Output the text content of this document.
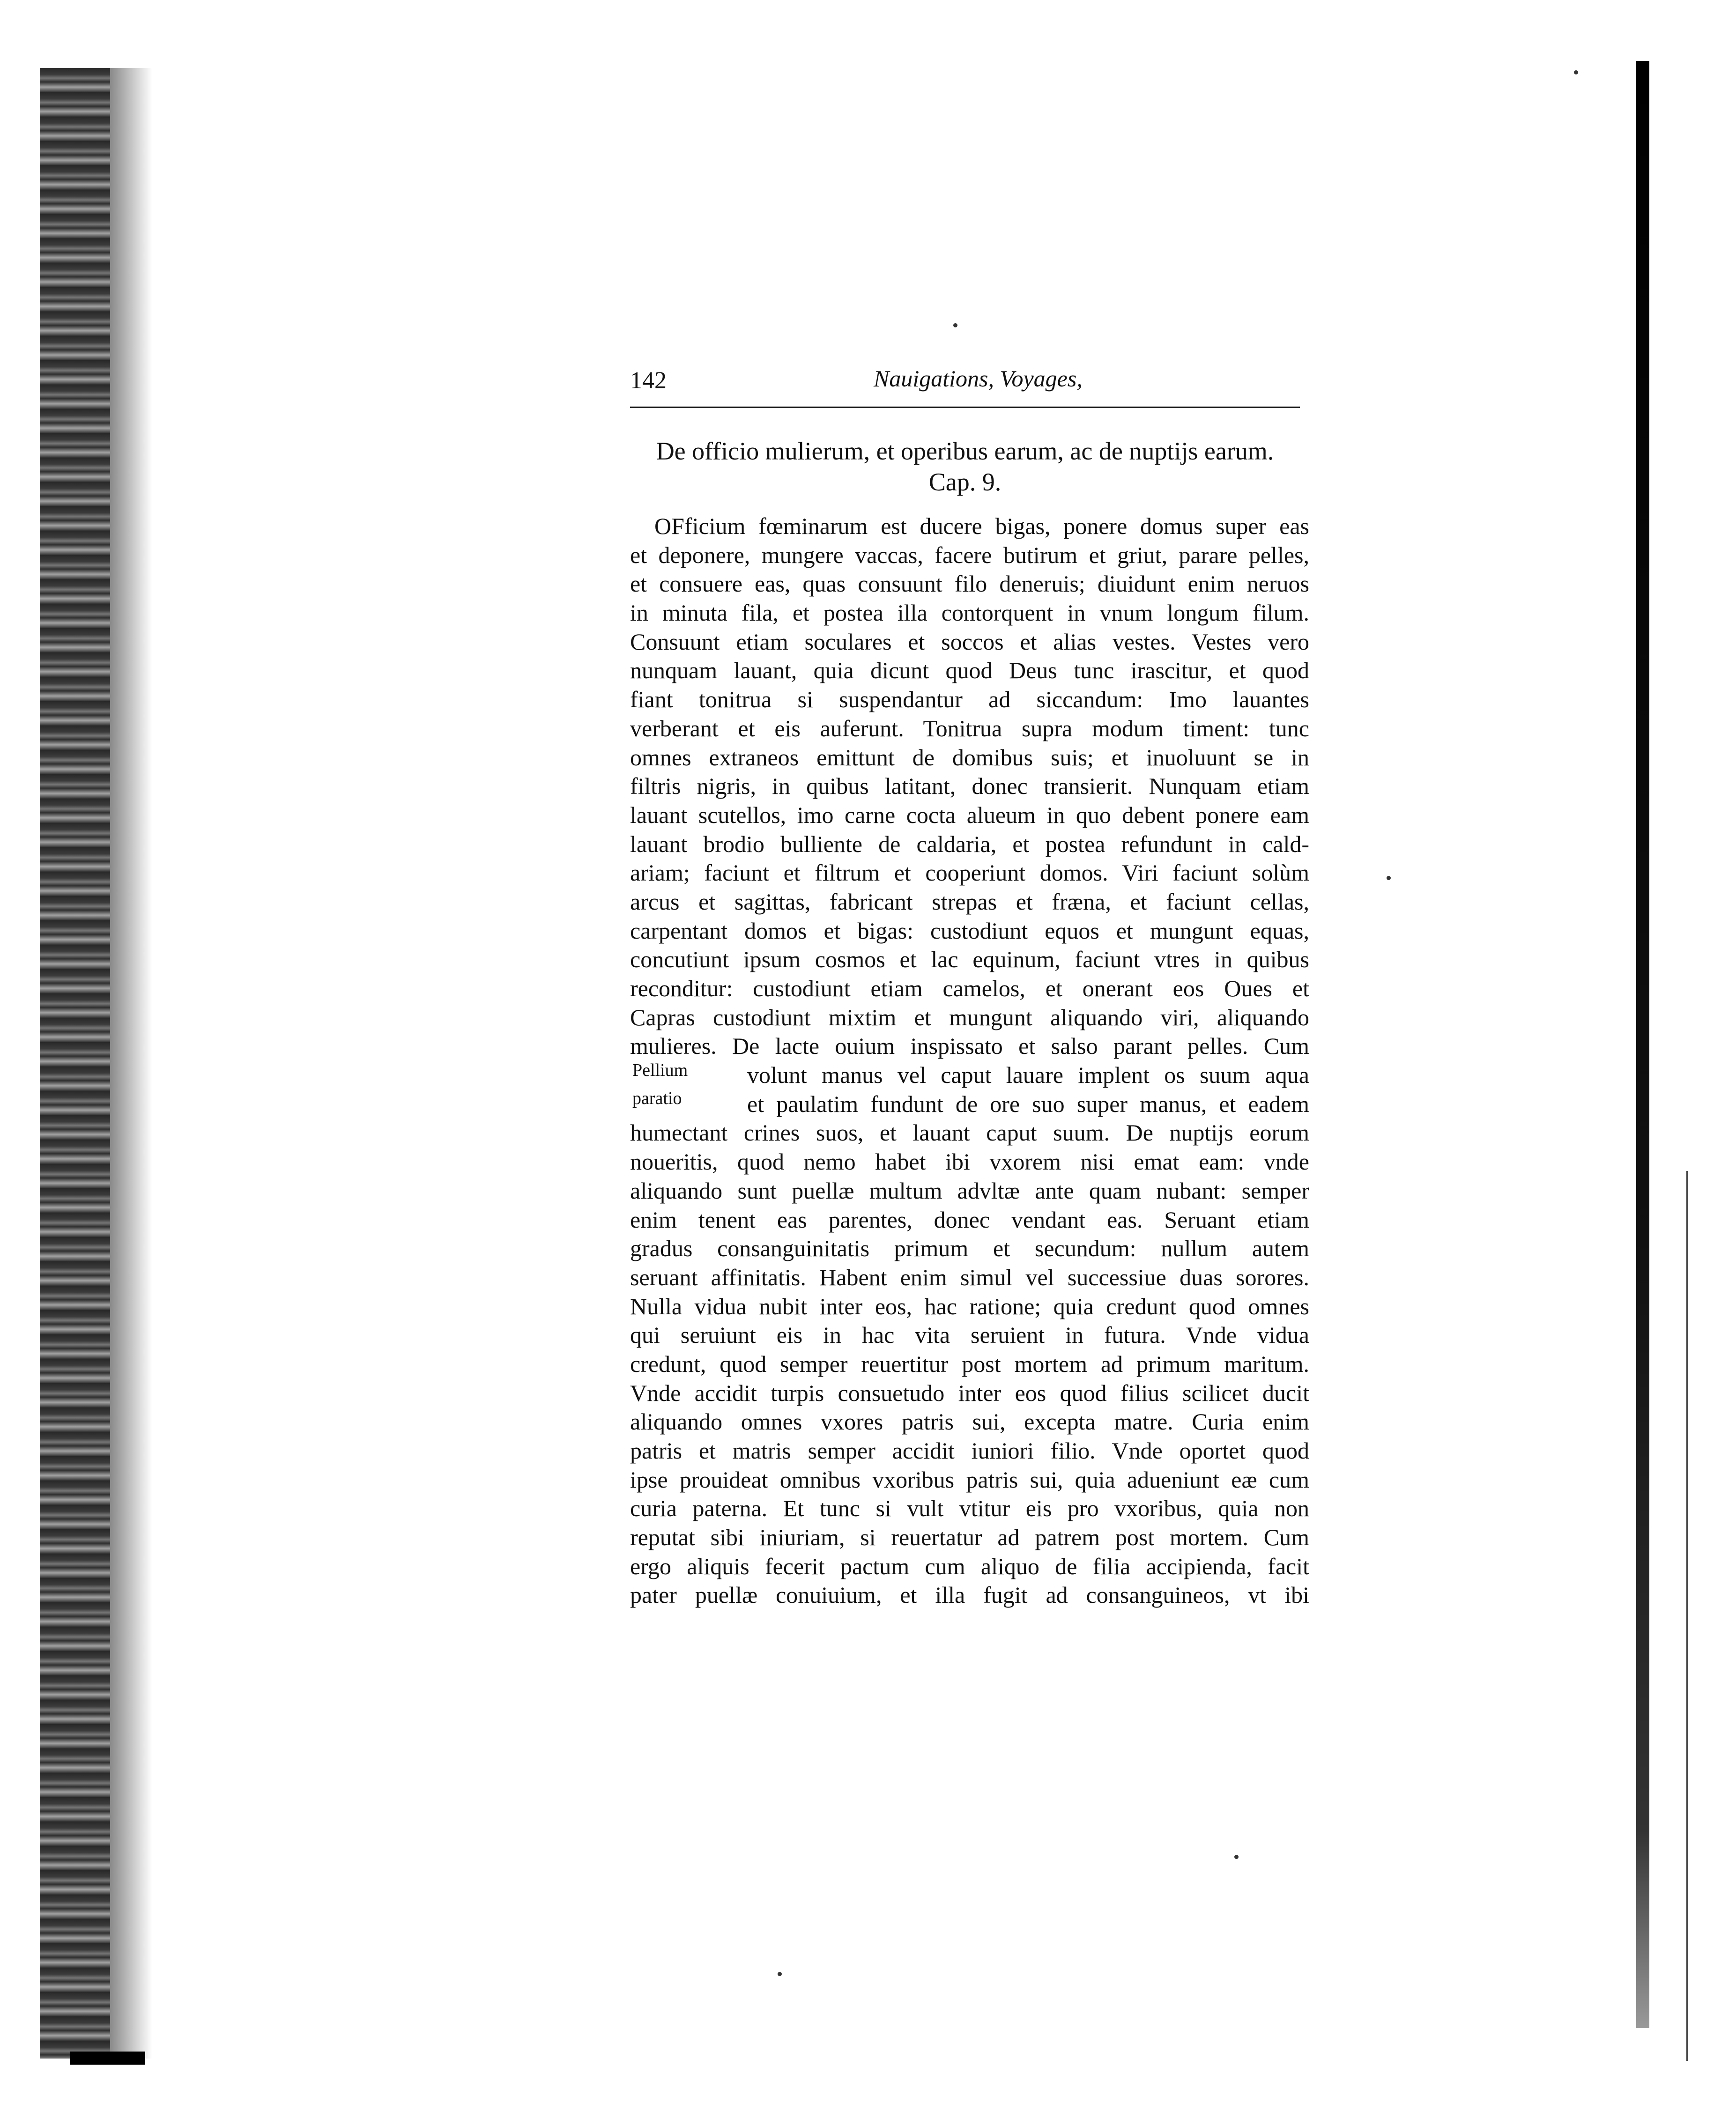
142	Nauigations, Voyages,
De officio mulierum, et operibus earum, ac de nuptijs earum.
Cap. 9.
Pellium
paratio
OFficium fœminarum est ducere bigas, ponere domus super eas
et deponere, mungere vaccas, facere butirum et griut, parare pelles,
et consuere eas, quas consuunt filo deneruis; diuidunt enim neruos
in minuta fila, et postea illa contorquent in vnum longum filum.
Consuunt etiam soculares et soccos et alias vestes. Vestes vero
nunquam lauant, quia dicunt quod Deus tunc irascitur, et quod
fiant tonitrua si suspendantur ad siccandum: Imo lauantes
verberant et eis auferunt. Tonitrua supra modum timent: tunc
omnes extraneos emittunt de domibus suis; et inuoluunt se in
filtris nigris, in quibus latitant, donec transierit. Nunquam etiam
lauant scutellos, imo carne cocta alueum in quo debent ponere eam
lauant brodio bulliente de caldaria, et postea refundunt in cald-
ariam; faciunt et filtrum et cooperiunt domos. Viri faciunt solùm
arcus et sagittas, fabricant strepas et fræna, et faciunt cellas,
carpentant domos et bigas: custodiunt equos et mungunt equas,
concutiunt ipsum cosmos et lac equinum, faciunt vtres in quibus
reconditur: custodiunt etiam camelos, et onerant eos Oues et
Capras custodiunt mixtim et mungunt aliquando viri, aliquando
mulieres. De lacte ouium inspissato et salso parant pelles. Cum
volunt manus vel caput lauare implent os suum aqua
et paulatim fundunt de ore suo super manus, et eadem
humectant crines suos, et lauant caput suum. De nuptijs eorum
noueritis, quod nemo habet ibi vxorem nisi emat eam: vnde
aliquando sunt puellæ multum advltæ ante quam nubant: semper
enim tenent eas parentes, donec vendant eas. Seruant etiam
gradus consanguinitatis primum et secundum: nullum autem
seruant affinitatis. Habent enim simul vel successiue duas sorores.
Nulla vidua nubit inter eos, hac ratione; quia credunt quod omnes
qui seruiunt eis in hac vita seruient in futura. Vnde vidua
credunt, quod semper reuertitur post mortem ad primum maritum.
Vnde accidit turpis consuetudo inter eos quod filius scilicet ducit
aliquando omnes vxores patris sui, excepta matre. Curia enim
patris et matris semper accidit iuniori filio. Vnde oportet quod
ipse prouideat omnibus vxoribus patris sui, quia adueniunt eæ cum
curia paterna. Et tunc si vult vtitur eis pro vxoribus, quia non
reputat sibi iniuriam, si reuertatur ad patrem post mortem. Cum
ergo aliquis fecerit pactum cum aliquo de filia accipienda, facit
pater puellæ conuiuium, et illa fugit ad consanguineos, vt ibi
